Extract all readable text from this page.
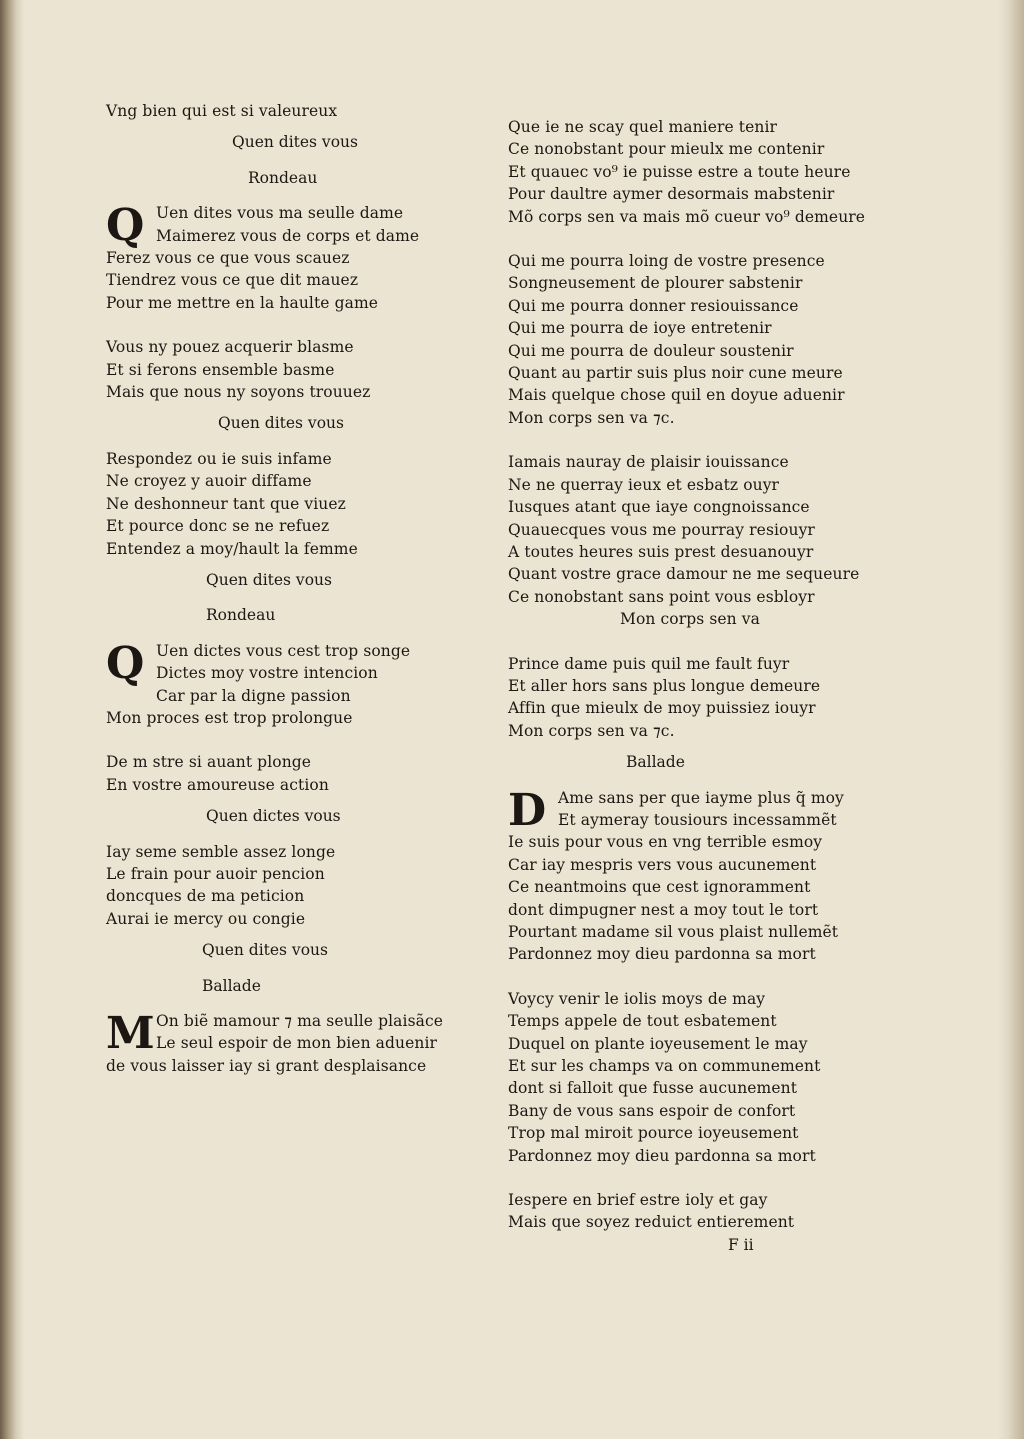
Vng bien qui est si valeureux
Quen dites vous
Rondeau
Q Uen dites vous ma seulle dame
Maimerez vous de corps et dame
Ferez vous ce que vous scauez
Tiendrez vous ce que dit mauez
Pour me mettre en la haulte game
Vous ny pouez acquerir blasme
Et si ferons ensemble basme
Mais que nous ny soyons trouuez
Quen dites vous
Respondez ou ie suis infame
Ne croyez y auoir diffame
Ne deshonneur tant que viuez
Et pource donc se ne refuez
Entendez a moy/hault la femme
Quen dites vous
Rondeau
Q Uen dictes vous cest trop songe
Dictes moy vostre intencion
Car par la digne passion
Mon proces est trop prolongue
De m stre si auant plonge
En vostre amoureuse action
Quen dictes vous
Iay seme semble assez longe
Le frain pour auoir pencion
doncques de ma peticion
Aurai ie mercy ou congie
Quen dites vous
Ballade
M On biẽ mamour ⁊ ma seulle plaisãce
Le seul espoir de mon bien aduenir
de vous laisser iay si grant desplaisance
Que ie ne scay quel maniere tenir
Ce nonobstant pour mieulx me contenir
Et quauec vo⁹ ie puisse estre a toute heure
Pour daultre aymer desormais mabstenir
Mõ corps sen va mais mõ cueur vo⁹ demeure
Qui me pourra loing de vostre presence
Songneusement de plourer sabstenir
Qui me pourra donner resiouissance
Qui me pourra de ioye entretenir
Qui me pourra de douleur soustenir
Quant au partir suis plus noir cune meure
Mais quelque chose quil en doyue aduenir
Mon corps sen va ⁊c.
Iamais nauray de plaisir iouissance
Ne ne querray ieux et esbatz ouyr
Iusques atant que iaye congnoissance
Quauecques vous me pourray resiouyr
A toutes heures suis prest desuanouyr
Quant vostre grace damour ne me sequeure
Ce nonobstant sans point vous esbloyr
Mon corps sen va
Prince dame puis quil me fault fuyr
Et aller hors sans plus longue demeure
Affin que mieulx de moy puissiez iouyr
Mon corps sen va ⁊c.
Ballade
D Ame sans per que iayme plus q̃ moy
Et aymeray tousiours incessammẽt
Ie suis pour vous en vng terrible esmoy
Car iay mespris vers vous aucunement
Ce neantmoins que cest ignoramment
dont dimpugner nest a moy tout le tort
Pourtant madame sil vous plaist nullemẽt
Pardonnez moy dieu pardonna sa mort
Voycy venir le iolis moys de may
Temps appele de tout esbatement
Duquel on plante ioyeusement le may
Et sur les champs va on communement
dont si falloit que fusse aucunement
Bany de vous sans espoir de confort
Trop mal miroit pource ioyeusement
Pardonnez moy dieu pardonna sa mort
Iespere en brief estre ioly et gay
Mais que soyez reduict entierement
F ii
